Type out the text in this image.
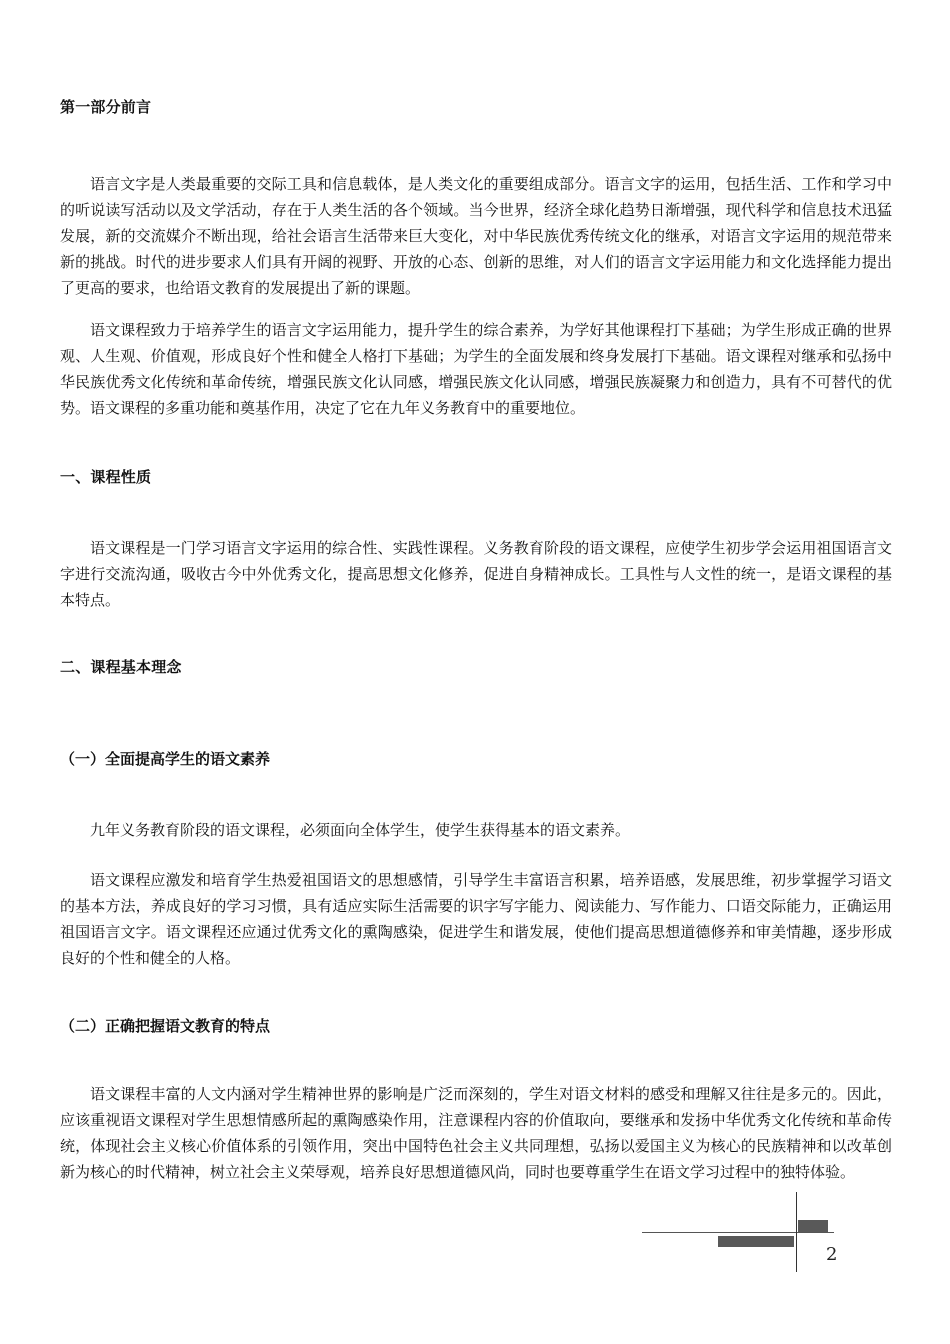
第一部分前言

语言文字是人类最重要的交际工具和信息载体，是人类文化的重要组成部分。语言文字的运用，包括生活、工作和学习中的听说读写活动以及文学活动，存在于人类生活的各个领域。当今世界，经济全球化趋势日渐增强，现代科学和信息技术迅猛发展，新的交流媒介不断出现，给社会语言生活带来巨大变化，对中华民族优秀传统文化的继承，对语言文字运用的规范带来新的挑战。时代的进步要求人们具有开阔的视野、开放的心态、创新的思维，对人们的语言文字运用能力和文化选择能力提出了更高的要求，也给语文教育的发展提出了新的课题。

语文课程致力于培养学生的语言文字运用能力，提升学生的综合素养，为学好其他课程打下基础；为学生形成正确的世界观、人生观、价值观，形成良好个性和健全人格打下基础；为学生的全面发展和终身发展打下基础。语文课程对继承和弘扬中华民族优秀文化传统和革命传统，增强民族文化认同感，增强民族文化认同感，增强民族凝聚力和创造力，具有不可替代的优势。语文课程的多重功能和奠基作用，决定了它在九年义务教育中的重要地位。

一、课程性质

语文课程是一门学习语言文字运用的综合性、实践性课程。义务教育阶段的语文课程，应使学生初步学会运用祖国语言文字进行交流沟通，吸收古今中外优秀文化，提高思想文化修养，促进自身精神成长。工具性与人文性的统一，是语文课程的基本特点。

二、课程基本理念
（一）全面提高学生的语文素养

九年义务教育阶段的语文课程，必须面向全体学生，使学生获得基本的语文素养。

语文课程应激发和培育学生热爱祖国语文的思想感情，引导学生丰富语言积累，培养语感，发展思维，初步掌握学习语文的基本方法，养成良好的学习习惯，具有适应实际生活需要的识字写字能力、阅读能力、写作能力、口语交际能力，正确运用祖国语言文字。语文课程还应通过优秀文化的熏陶感染，促进学生和谐发展，使他们提高思想道德修养和审美情趣，逐步形成良好的个性和健全的人格。

（二）正确把握语文教育的特点

语文课程丰富的人文内涵对学生精神世界的影响是广泛而深刻的，学生对语文材料的感受和理解又往往是多元的。因此，应该重视语文课程对学生思想情感所起的熏陶感染作用，注意课程内容的价值取向，要继承和发扬中华优秀文化传统和革命传统，体现社会主义核心价值体系的引领作用，突出中国特色社会主义共同理想，弘扬以爱国主义为核心的民族精神和以改革创新为核心的时代精神，树立社会主义荣辱观，培养良好思想道德风尚，同时也要尊重学生在语文学习过程中的独特体验。

2
